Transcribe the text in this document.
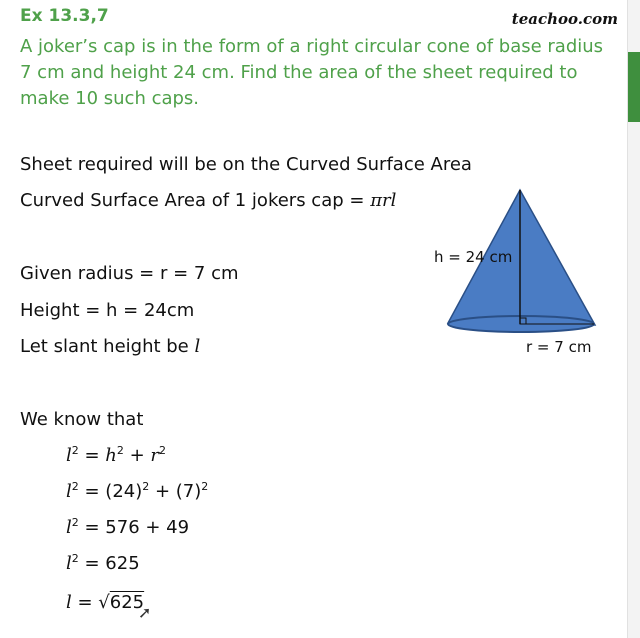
Ex 13.3,7	teachoo.com
A joker’s cap is in the form of a right circular cone of base radius 7 cm and height 24 cm. Find the area of the sheet required to make 10 such caps.
Sheet required will be on the Curved Surface Area
Curved Surface Area of 1 jokers cap = πrl
Given radius = r = 7 cm
Height = h = 24cm
Let slant height be l
We know that
$l^2 = h^2 + r^2$
$l^2 = (24)^2 + (7)^2$
$l^2 = 576 + 49$
$l^2 = 625$
l = √625
➚
h = 24 cm
r = 7 cm
